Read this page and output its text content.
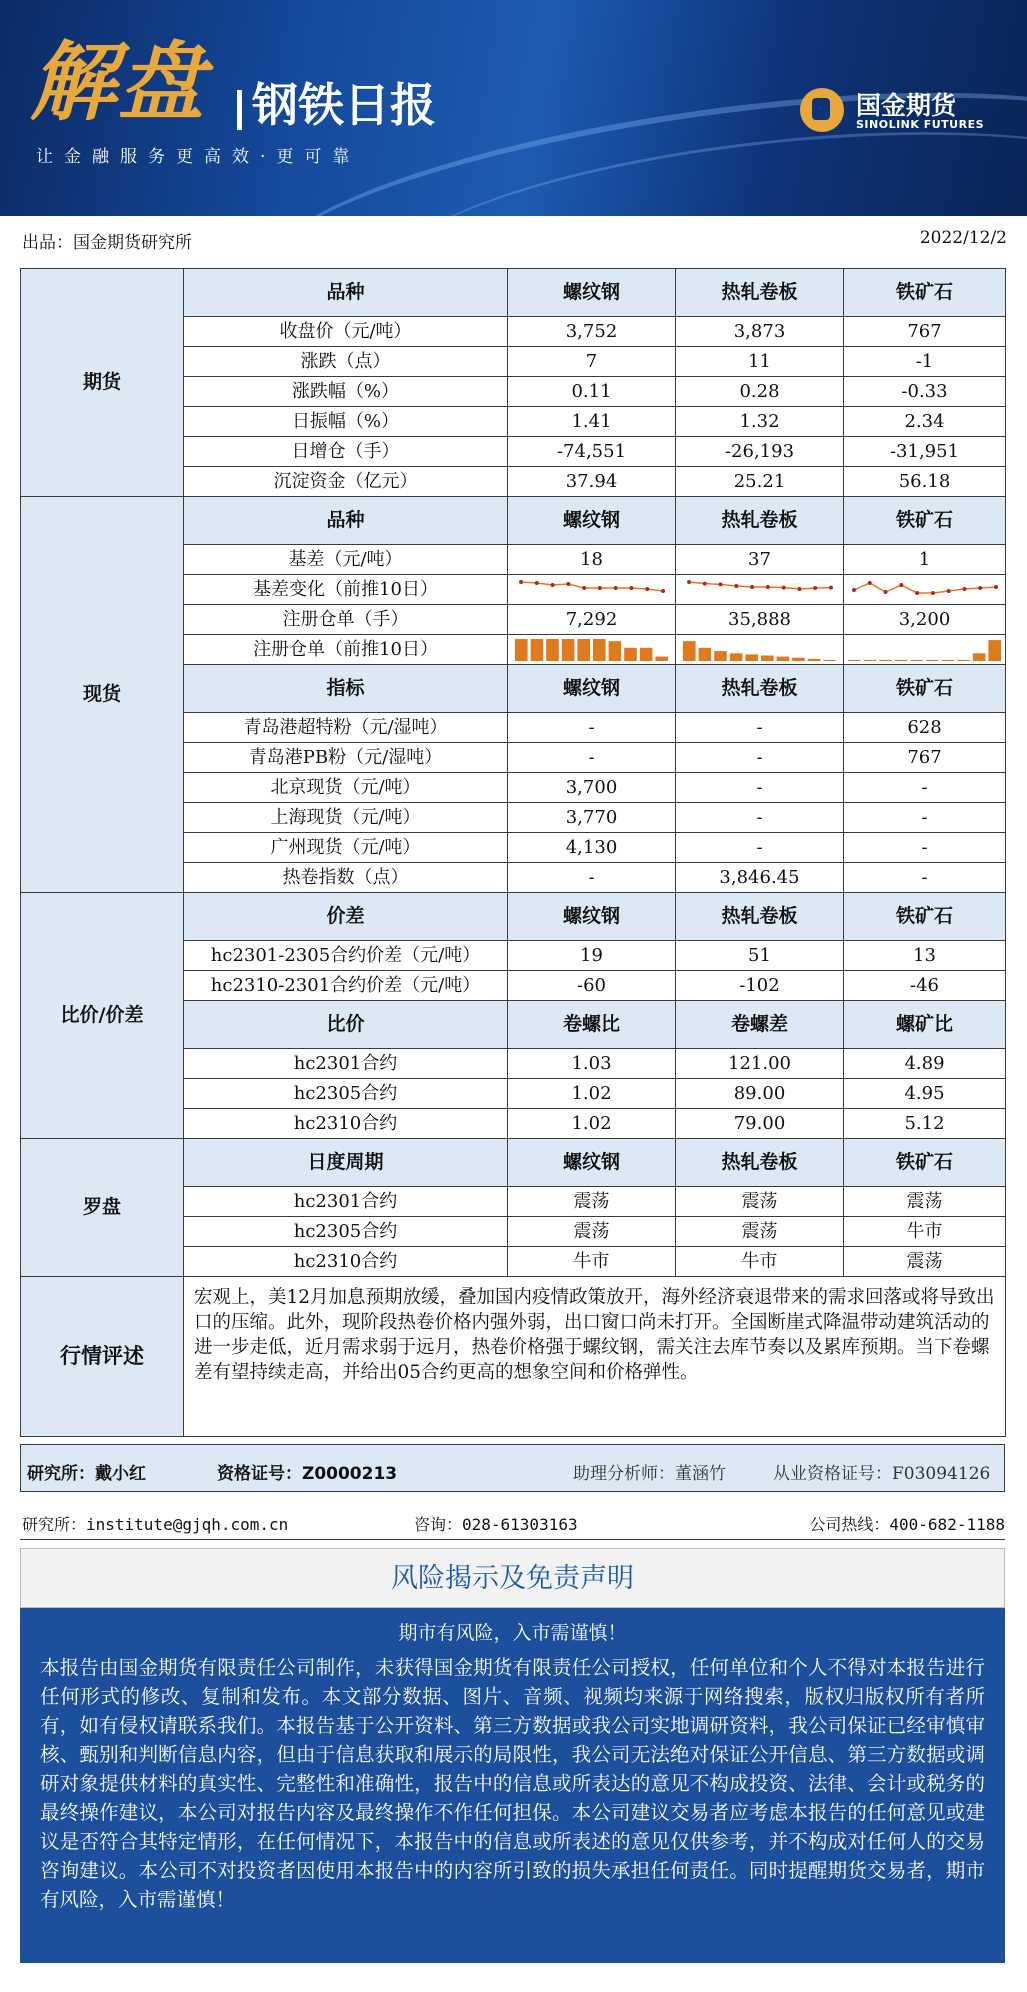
解盘 钢铁日报
让金融服务更高效·更可靠
国金期货
SINOLINK FUTURES
出品：国金期货研究所	2022/12/2
期货	品种	螺纹钢	热轧卷板	铁矿石
	收盘价（元/吨）	3,752	3,873	767
	涨跌（点）	7	11	-1
	涨跌幅（%）	0.11	0.28	-0.33
	日振幅（%）	1.41	1.32	2.34
	日增仓（手）	-74,551	-26,193	-31,951
	沉淀资金（亿元）	37.94	25.21	56.18
现货	品种	螺纹钢	热轧卷板	铁矿石
	基差（元/吨）	18	37	1
	基差变化（前推10日）	

	注册仓单（手）	7,292	35,888	3,200
	注册仓单（前推10日）	

	指标	螺纹钢	热轧卷板	铁矿石
	青岛港超特粉（元/湿吨）	-	-	628
	青岛港PB粉（元/湿吨）	-	-	767
	北京现货（元/吨）	3,700	-	-
	上海现货（元/吨）	3,770	-	-
	广州现货（元/吨）	4,130	-	-
	热卷指数（点）	-	3,846.45	-
比价/价差	价差	螺纹钢	热轧卷板	铁矿石
	hc2301-2305合约价差（元/吨）	19	51	13
	hc2310-2301合约价差（元/吨）	-60	-102	-46
	比价	卷螺比	卷螺差	螺矿比
	hc2301合约	1.03	121.00	4.89
	hc2305合约	1.02	89.00	4.95
	hc2310合约	1.02	79.00	5.12
罗盘	日度周期	螺纹钢	热轧卷板	铁矿石
	hc2301合约	震荡	震荡	震荡
	hc2305合约	震荡	震荡	牛市
	hc2310合约	牛市	牛市	震荡
行情评述	宏观上，美12月加息预期放缓，叠加国内疫情政策放开，海外经济衰退带来的需求回落或将导致出口的压缩。此外，现阶段热卷价格内强外弱，出口窗口尚未打开。全国断崖式降温带动建筑活动的进一步走低，近月需求弱于远月，热卷价格强于螺纹钢，需关注去库节奏以及累库预期。当下卷螺差有望持续走高，并给出05合约更高的想象空间和价格弹性。			
研究所：戴小红	资格证号：Z0000213	助理分析师：董涵竹	从业资格证号：F03094126
研究所：institute@gjqh.com.cn	咨询：028-61303163	公司热线：400-682-1188
风险揭示及免责声明
期市有风险，入市需谨慎！
本报告由国金期货有限责任公司制作，未获得国金期货有限责任公司授权，任何单位和个人不得对本报告进行任何形式的修改、复制和发布。本文部分数据、图片、音频、视频均来源于网络搜索，版权归版权所有者所有，如有侵权请联系我们。本报告基于公开资料、第三方数据或我公司实地调研资料，我公司保证已经审慎审核、甄别和判断信息内容，但由于信息获取和展示的局限性，我公司无法绝对保证公开信息、第三方数据或调研对象提供材料的真实性、完整性和准确性，报告中的信息或所表达的意见不构成投资、法律、会计或税务的最终操作建议，本公司对报告内容及最终操作不作任何担保。本公司建议交易者应考虑本报告的任何意见或建议是否符合其特定情形，在任何情况下，本报告中的信息或所表述的意见仅供参考，并不构成对任何人的交易咨询建议。本公司不对投资者因使用本报告中的内容所引致的损失承担任何责任。同时提醒期货交易者，期市有风险，入市需谨慎！
